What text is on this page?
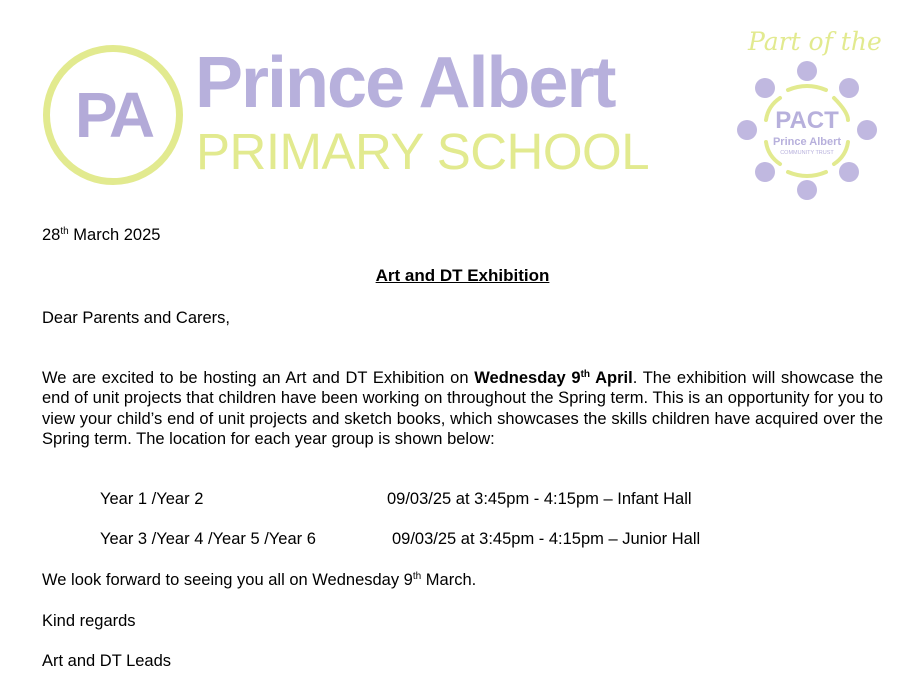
PA Prince Albert
PRIMARY SCHOOL
Part of the
PACT
Prince Albert
COMMUNITY TRUST
28th March 2025
Art and DT Exhibition
Dear Parents and Carers,
We are excited to be hosting an Art and DT Exhibition on Wednesday 9th April. The exhibition will showcase the end of unit projects that children have been working on throughout the Spring term. This is an opportunity for you to view your child’s end of unit projects and sketch books, which showcases the skills children have acquired over the Spring term. The location for each year group is shown below:
Year 1 /Year 2	09/03/25 at 3:45pm - 4:15pm – Infant Hall
Year 3 /Year 4 /Year 5 /Year 6	09/03/25 at 3:45pm - 4:15pm – Junior Hall
We look forward to seeing you all on Wednesday 9th March.
Kind regards
Art and DT Leads
